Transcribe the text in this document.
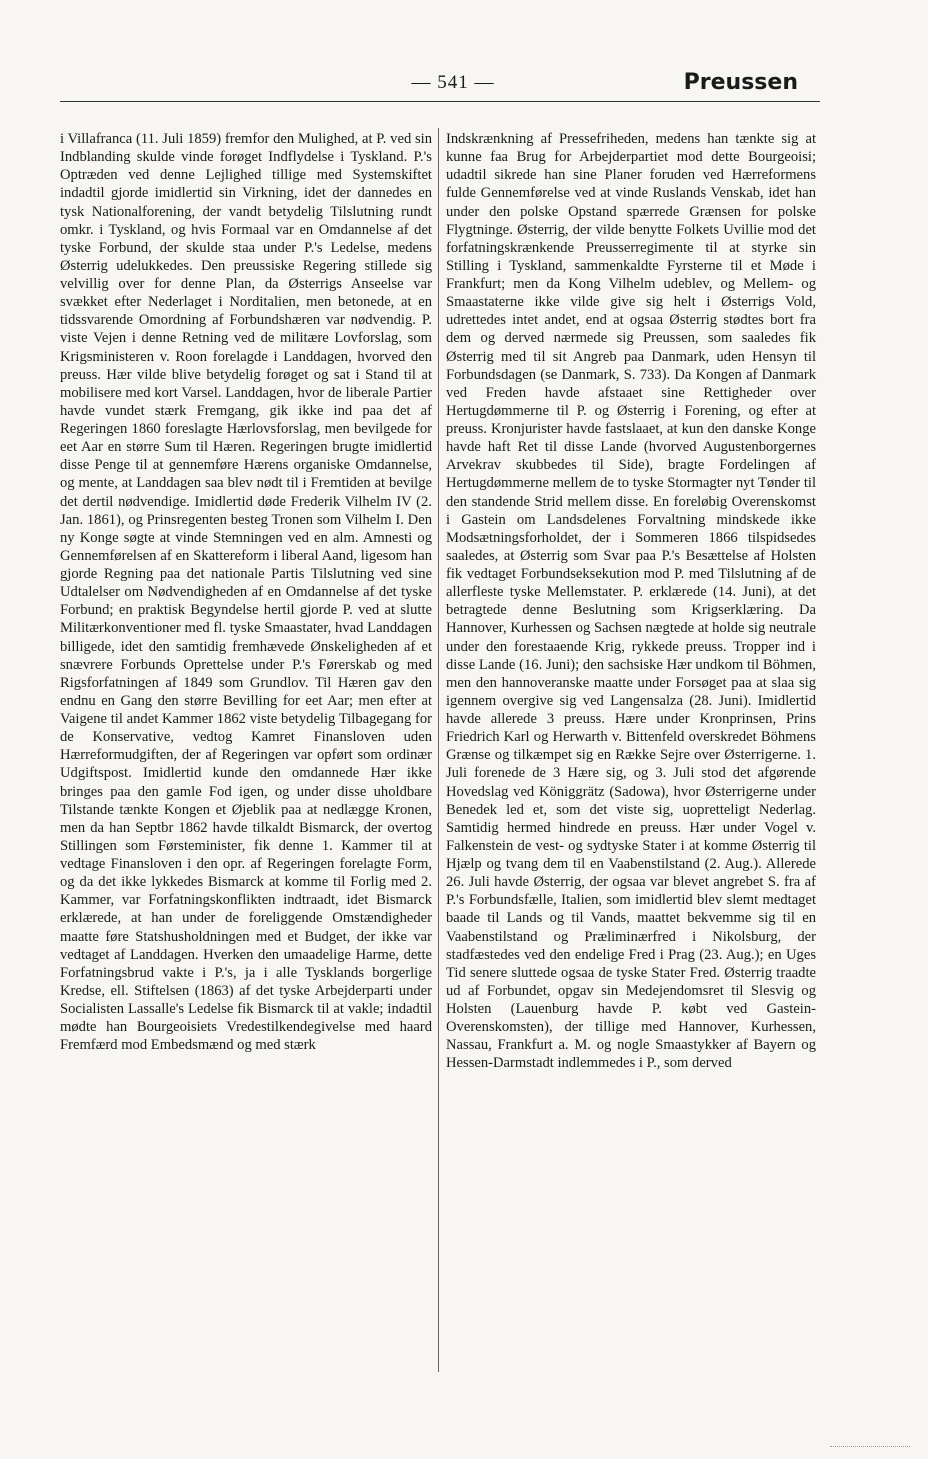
— 541 —	Preussen

i Villafranca (11. Juli 1859) fremfor den Mulighed, at P. ved sin Indblanding skulde vinde forøget Indflydelse i Tyskland. P.'s Optræden ved denne Lejlighed tillige med Systemskiftet indadtil gjorde imidlertid sin Virkning, idet der dannedes en tysk Nationalforening, der vandt betydelig Tilslutning rundt omkr. i Tyskland, og hvis Formaal var en Omdannelse af det tyske Forbund, der skulde staa under P.'s Ledelse, medens Østerrig udelukkedes. Den preussiske Regering stillede sig velvillig over for denne Plan, da Østerrigs Anseelse var svækket efter Nederlaget i Norditalien, men betonede, at en tidssvarende Omordning af Forbundshæren var nødvendig. P. viste Vejen i denne Retning ved de militære Lovforslag, som Krigsministeren v. Roon forelagde i Landdagen, hvorved den preuss. Hær vilde blive betydelig forøget og sat i Stand til at mobilisere med kort Varsel. Landdagen, hvor de liberale Partier havde vundet stærk Fremgang, gik ikke ind paa det af Regeringen 1860 foreslagte Hærlovsforslag, men bevilgede for eet Aar en større Sum til Hæren. Regeringen brugte imidlertid disse Penge til at gennemføre Hærens organiske Omdannelse, og mente, at Landdagen saa blev nødt til i Fremtiden at bevilge det dertil nødvendige. Imidlertid døde Frederik Vilhelm IV (2. Jan. 1861), og Prinsregenten besteg Tronen som Vilhelm I. Den ny Konge søgte at vinde Stemningen ved en alm. Amnesti og Gennemførelsen af en Skattereform i liberal Aand, ligesom han gjorde Regning paa det nationale Partis Tilslutning ved sine Udtalelser om Nødvendigheden af en Omdannelse af det tyske Forbund; en praktisk Begyndelse hertil gjorde P. ved at slutte Militærkonventioner med fl. tyske Smaastater, hvad Landdagen billigede, idet den samtidig fremhævede Ønskeligheden af et snævrere Forbunds Oprettelse under P.'s Førerskab og med Rigsforfatningen af 1849 som Grundlov. Til Hæren gav den endnu en Gang den større Bevilling for eet Aar; men efter at Vaigene til andet Kammer 1862 viste betydelig Tilbagegang for de Konservative, vedtog Kamret Finansloven uden Hærreformudgiften, der af Regeringen var opført som ordinær Udgiftspost. Imidlertid kunde den omdannede Hær ikke bringes paa den gamle Fod igen, og under disse uholdbare Tilstande tænkte Kongen et Øjeblik paa at nedlægge Kronen, men da han Septbr 1862 havde tilkaldt Bismarck, der overtog Stillingen som Førsteminister, fik denne 1. Kammer til at vedtage Finansloven i den opr. af Regeringen forelagte Form, og da det ikke lykkedes Bismarck at komme til Forlig med 2. Kammer, var Forfatningskonflikten indtraadt, idet Bismarck erklærede, at han under de foreliggende Omstændigheder maatte føre Statshusholdningen med et Budget, der ikke var vedtaget af Landdagen. Hverken den umaadelige Harme, dette Forfatningsbrud vakte i P.'s, ja i alle Tysklands borgerlige Kredse, ell. Stiftelsen (1863) af det tyske Arbejderparti under Socialisten Lassalle's Ledelse fik Bismarck til at vakle; indadtil mødte han Bourgeoisiets Vredestilkendegivelse med haard Fremfærd mod Embedsmænd og med stærk

Indskrænkning af Pressefriheden, medens han tænkte sig at kunne faa Brug for Arbejderpartiet mod dette Bourgeoisi; udadtil sikrede han sine Planer foruden ved Hærreformens fulde Gennemførelse ved at vinde Ruslands Venskab, idet han under den polske Opstand spærrede Grænsen for polske Flygtninge. Østerrig, der vilde benytte Folkets Uvillie mod det forfatningskrænkende Preusserregimente til at styrke sin Stilling i Tyskland, sammenkaldte Fyrsterne til et Møde i Frankfurt; men da Kong Vilhelm udeblev, og Mellem- og Smaastaterne ikke vilde give sig helt i Østerrigs Vold, udrettedes intet andet, end at ogsaa Østerrig stødtes bort fra dem og derved nærmede sig Preussen, som saaledes fik Østerrig med til sit Angreb paa Danmark, uden Hensyn til Forbundsdagen (se Danmark, S. 733). Da Kongen af Danmark ved Freden havde afstaaet sine Rettigheder over Hertugdømmerne til P. og Østerrig i Forening, og efter at preuss. Kronjurister havde fastslaaet, at kun den danske Konge havde haft Ret til disse Lande (hvorved Augustenborgernes Arvekrav skubbedes til Side), bragte Fordelingen af Hertugdømmerne mellem de to tyske Stormagter nyt Tønder til den standende Strid mellem disse. En foreløbig Overenskomst i Gastein om Landsdelenes Forvaltning mindskede ikke Modsætningsforholdet, der i Sommeren 1866 tilspidsedes saaledes, at Østerrig som Svar paa P.'s Besættelse af Holsten fik vedtaget Forbundseksekution mod P. med Tilslutning af de allerfleste tyske Mellemstater. P. erklærede (14. Juni), at det betragtede denne Beslutning som Krigserklæring. Da Hannover, Kurhessen og Sachsen nægtede at holde sig neutrale under den forestaaende Krig, rykkede preuss. Tropper ind i disse Lande (16. Juni); den sachsiske Hær undkom til Böhmen, men den hannoveranske maatte under Forsøget paa at slaa sig igennem overgive sig ved Langensalza (28. Juni). Imidlertid havde allerede 3 preuss. Hære under Kronprinsen, Prins Friedrich Karl og Herwarth v. Bittenfeld overskredet Böhmens Grænse og tilkæmpet sig en Række Sejre over Østerrigerne. 1. Juli forenede de 3 Hære sig, og 3. Juli stod det afgørende Hovedslag ved Königgrätz (Sadowa), hvor Østerrigerne under Benedek led et, som det viste sig, uopretteligt Nederlag. Samtidig hermed hindrede en preuss. Hær under Vogel v. Falkenstein de vest- og sydtyske Stater i at komme Østerrig til Hjælp og tvang dem til en Vaabenstilstand (2. Aug.). Allerede 26. Juli havde Østerrig, der ogsaa var blevet angrebet S. fra af P.'s Forbundsfælle, Italien, som imidlertid blev slemt medtaget baade til Lands og til Vands, maattet bekvemme sig til en Vaabenstilstand og Præliminærfred i Nikolsburg, der stadfæstedes ved den endelige Fred i Prag (23. Aug.); en Uges Tid senere sluttede ogsaa de tyske Stater Fred. Østerrig traadte ud af Forbundet, opgav sin Medejendomsret til Slesvig og Holsten (Lauenburg havde P. købt ved Gastein-Overenskomsten), der tillige med Hannover, Kurhessen, Nassau, Frankfurt a. M. og nogle Smaastykker af Bayern og Hessen-Darmstadt indlemmedes i P., som derved
